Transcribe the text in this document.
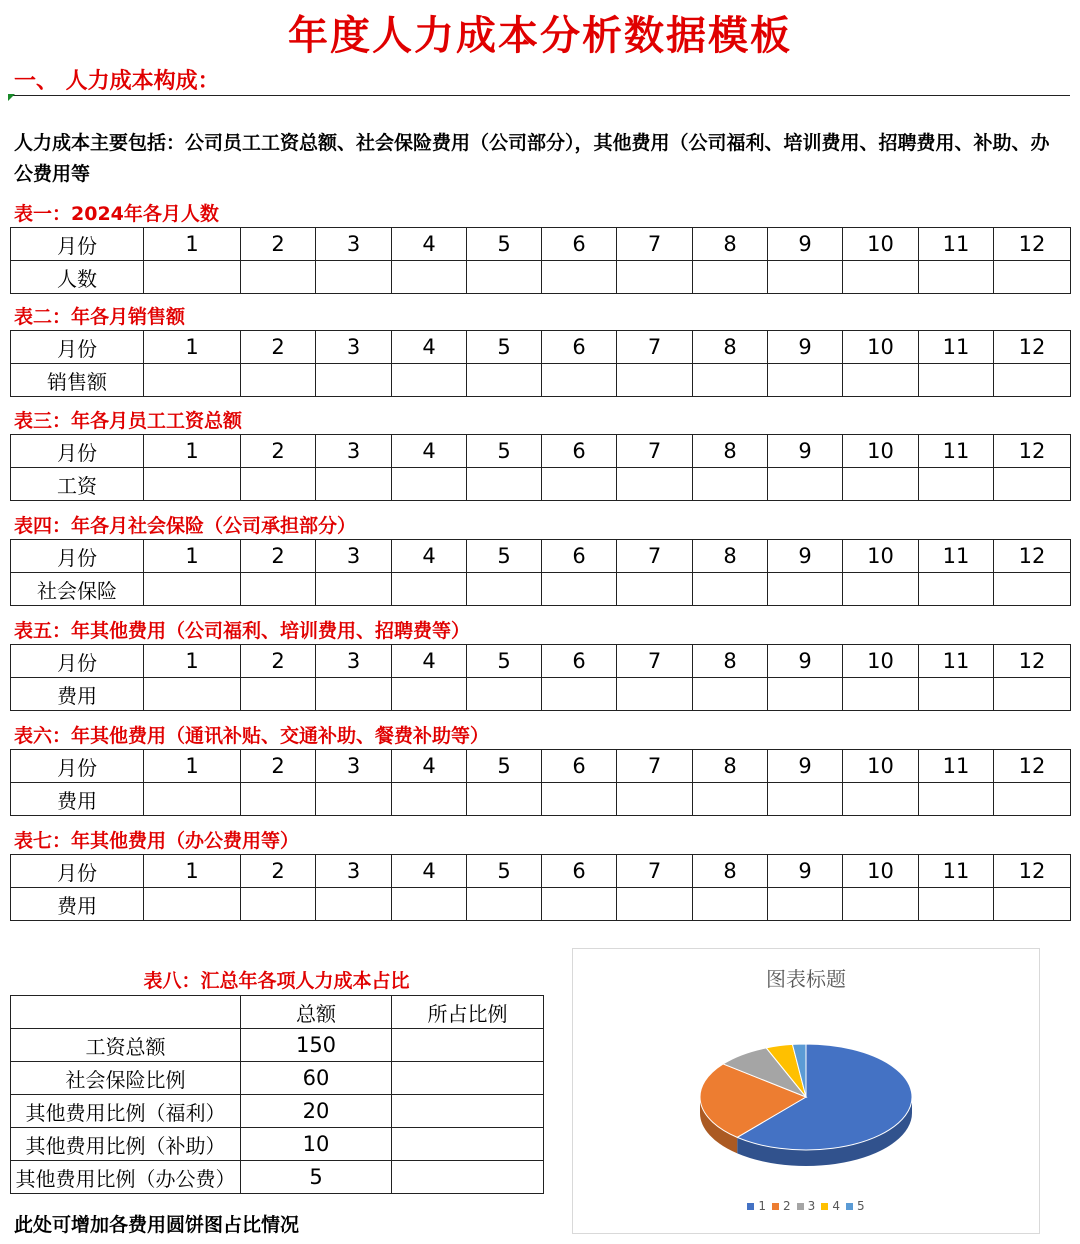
年度人力成本分析数据模板
一、 人力成本构成：
人力成本主要包括：公司员工工资总额、社会保险费用（公司部分），其他费用（公司福利、培训费用、招聘费用、补助、办公费用等
表一：2024年各月人数
月份	1	2	3	4	5	6	7	8	9	10	11	12
人数												
表二：年各月销售额
月份	1	2	3	4	5	6	7	8	9	10	11	12
销售额												
表三：年各月员工工资总额
月份	1	2	3	4	5	6	7	8	9	10	11	12
工资												
表四：年各月社会保险（公司承担部分）
月份	1	2	3	4	5	6	7	8	9	10	11	12
社会保险												
表五：年其他费用（公司福利、培训费用、招聘费等）
月份	1	2	3	4	5	6	7	8	9	10	11	12
费用												
表六：年其他费用（通讯补贴、交通补助、餐费补助等）
月份	1	2	3	4	5	6	7	8	9	10	11	12
费用												
表七：年其他费用（办公费用等）
月份	1	2	3	4	5	6	7	8	9	10	11	12
费用												
表八：汇总年各项人力成本占比
	总额	所占比例
工资总额	150	
社会保险比例	60	
其他费用比例（福利）	20	
其他费用比例（补助）	10	
其他费用比例（办公费）	5	
此处可增加各费用圆饼图占比情况
图表标题
1 2 3 4 5
